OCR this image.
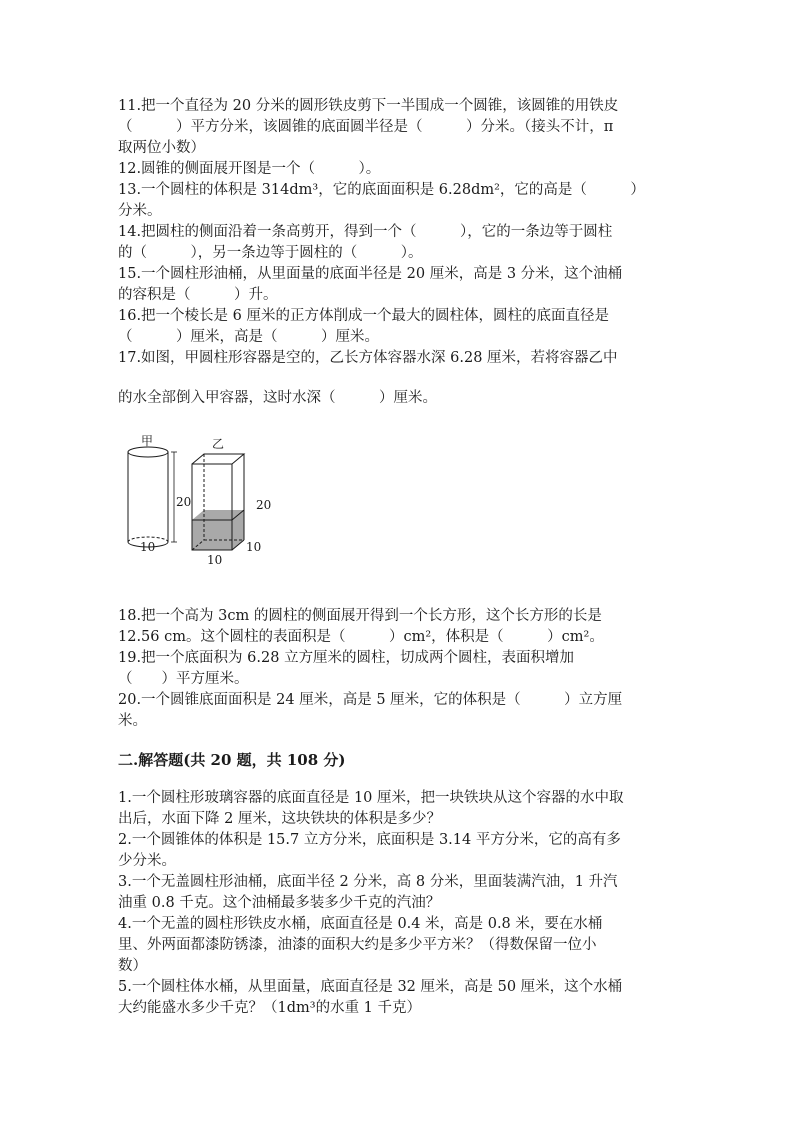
11.把一个直径为 20 分米的圆形铁皮剪下一半围成一个圆锥，该圆锥的用铁皮
（　　　）平方分米，该圆锥的底面圆半径是（　　　）分米。（接头不计，π
取两位小数）
12.圆锥的侧面展开图是一个（　　　）。
13.一个圆柱的体积是 314dm³，它的底面面积是 6.28dm²，它的高是（　　　）
分米。
14.把圆柱的侧面沿着一条高剪开，得到一个（　　　），它的一条边等于圆柱
的（　　　），另一条边等于圆柱的（　　　）。
15.一个圆柱形油桶，从里面量的底面半径是 20 厘米，高是 3 分米，这个油桶
的容积是（　　　）升。
16.把一个棱长是 6 厘米的正方体削成一个最大的圆柱体，圆柱的底面直径是
（　　　）厘米，高是（　　　）厘米。
17.如图，甲圆柱形容器是空的，乙长方体容器水深 6.28 厘米，若将容器乙中
的水全部倒入甲容器，这时水深（　　　）厘米。
甲
20
10
乙
20
10
10
18.把一个高为 3cm 的圆柱的侧面展开得到一个长方形，这个长方形的长是
12.56 cm。这个圆柱的表面积是（　　　）cm²，体积是（　　　）cm²。
19.把一个底面积为 6.28 立方厘米的圆柱，切成两个圆柱，表面积增加
（　　）平方厘米。
20.一个圆锥底面面积是 24 厘米，高是 5 厘米，它的体积是（　　　）立方厘
米。
二.解答题(共 20 题，共 108 分)
1.一个圆柱形玻璃容器的底面直径是 10 厘米，把一块铁块从这个容器的水中取
出后，水面下降 2 厘米，这块铁块的体积是多少？
2.一个圆锥体的体积是 15.7 立方分米，底面积是 3.14 平方分米，它的高有多
少分米。
3.一个无盖圆柱形油桶，底面半径 2 分米，高 8 分米，里面装满汽油，1 升汽
油重 0.8 千克。这个油桶最多装多少千克的汽油？
4.一个无盖的圆柱形铁皮水桶，底面直径是 0.4 米，高是 0.8 米，要在水桶
里、外两面都漆防锈漆，油漆的面积大约是多少平方米？（得数保留一位小
数）
5.一个圆柱体水桶，从里面量，底面直径是 32 厘米，高是 50 厘米，这个水桶
大约能盛水多少千克？（1dm³的水重 1 千克）
